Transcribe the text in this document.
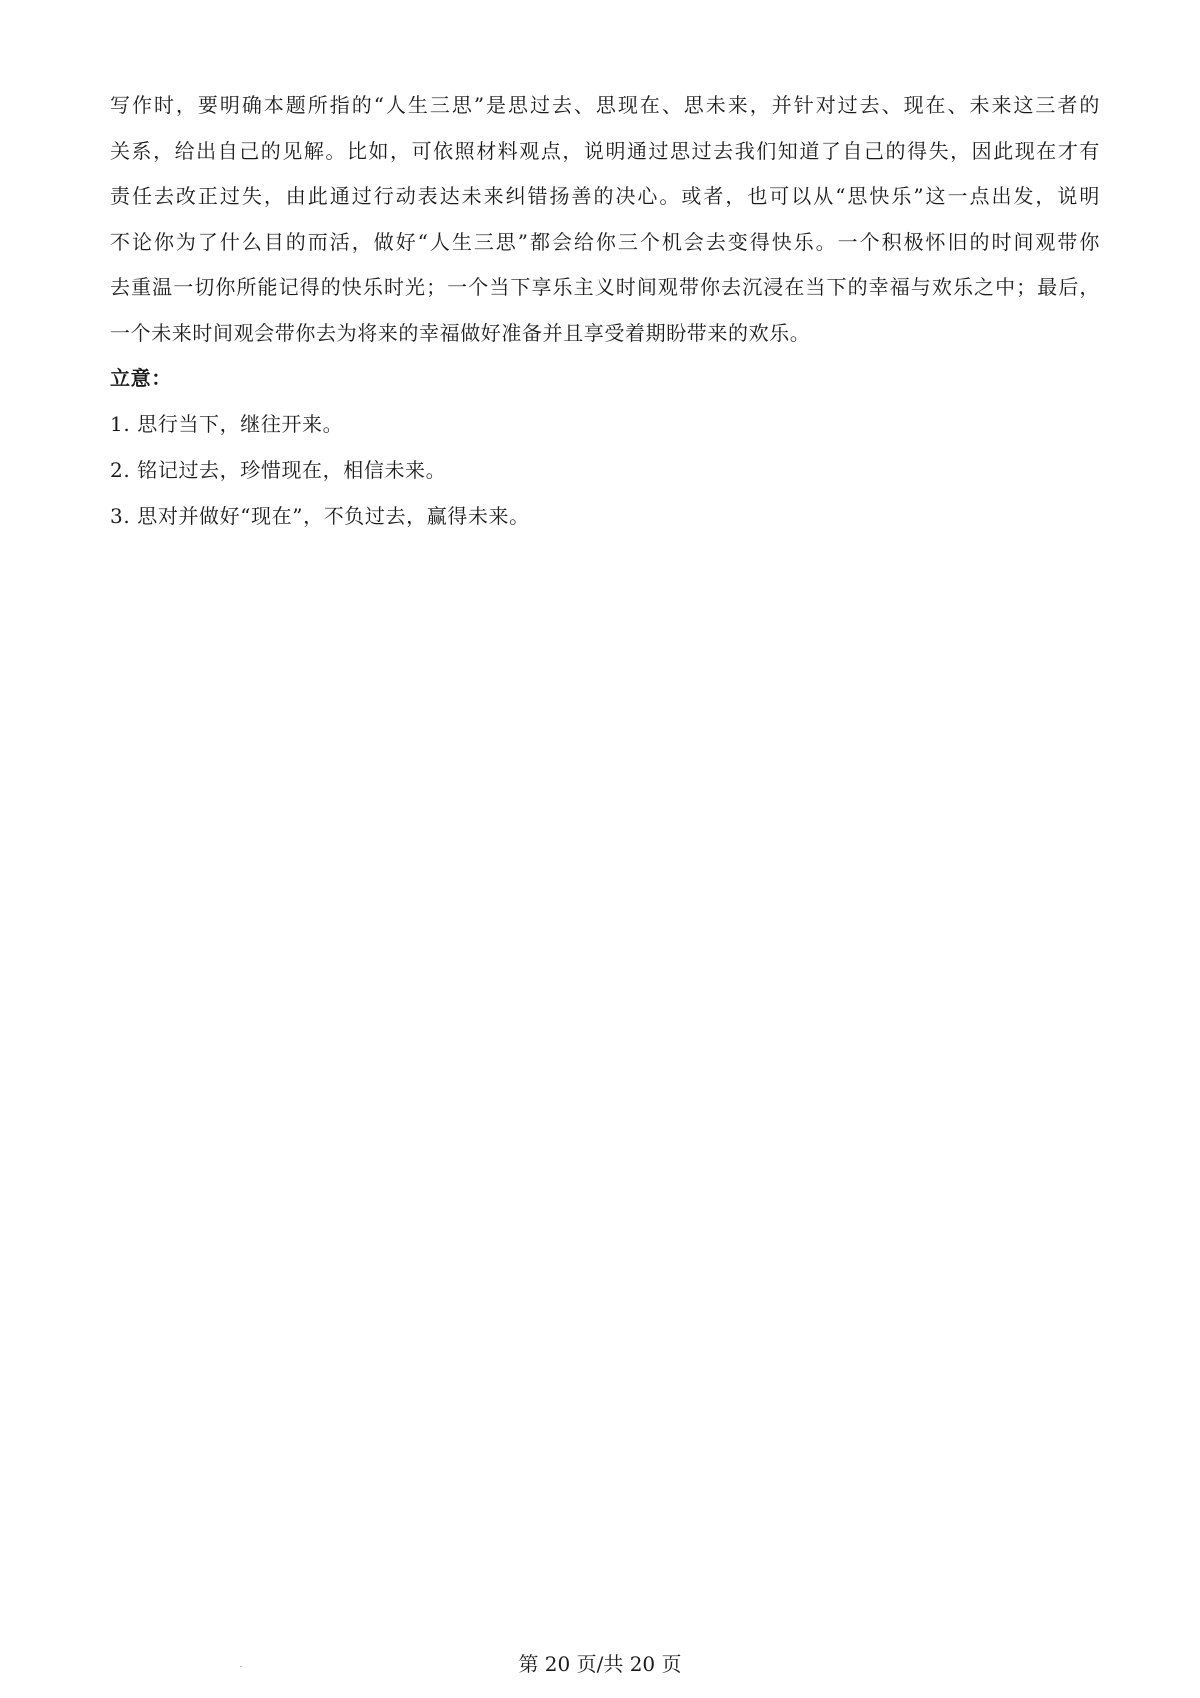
写作时，要明确本题所指的“人生三思”是思过去、思现在、思未来，并针对过去、现在、未来这三者的
关系，给出自己的见解。比如，可依照材料观点，说明通过思过去我们知道了自己的得失，因此现在才有
责任去改正过失，由此通过行动表达未来纠错扬善的决心。或者，也可以从“思快乐”这一点出发，说明
不论你为了什么目的而活，做好“人生三思”都会给你三个机会去变得快乐。一个积极怀旧的时间观带你
去重温一切你所能记得的快乐时光；一个当下享乐主义时间观带你去沉浸在当下的幸福与欢乐之中；最后，
一个未来时间观会带你去为将来的幸福做好准备并且享受着期盼带来的欢乐。
立意：
1. 思行当下，继往开来。
2. 铭记过去，珍惜现在，相信未来。
3. 思对并做好“现在”，不负过去，赢得未来。
第 20 页/共 20 页
